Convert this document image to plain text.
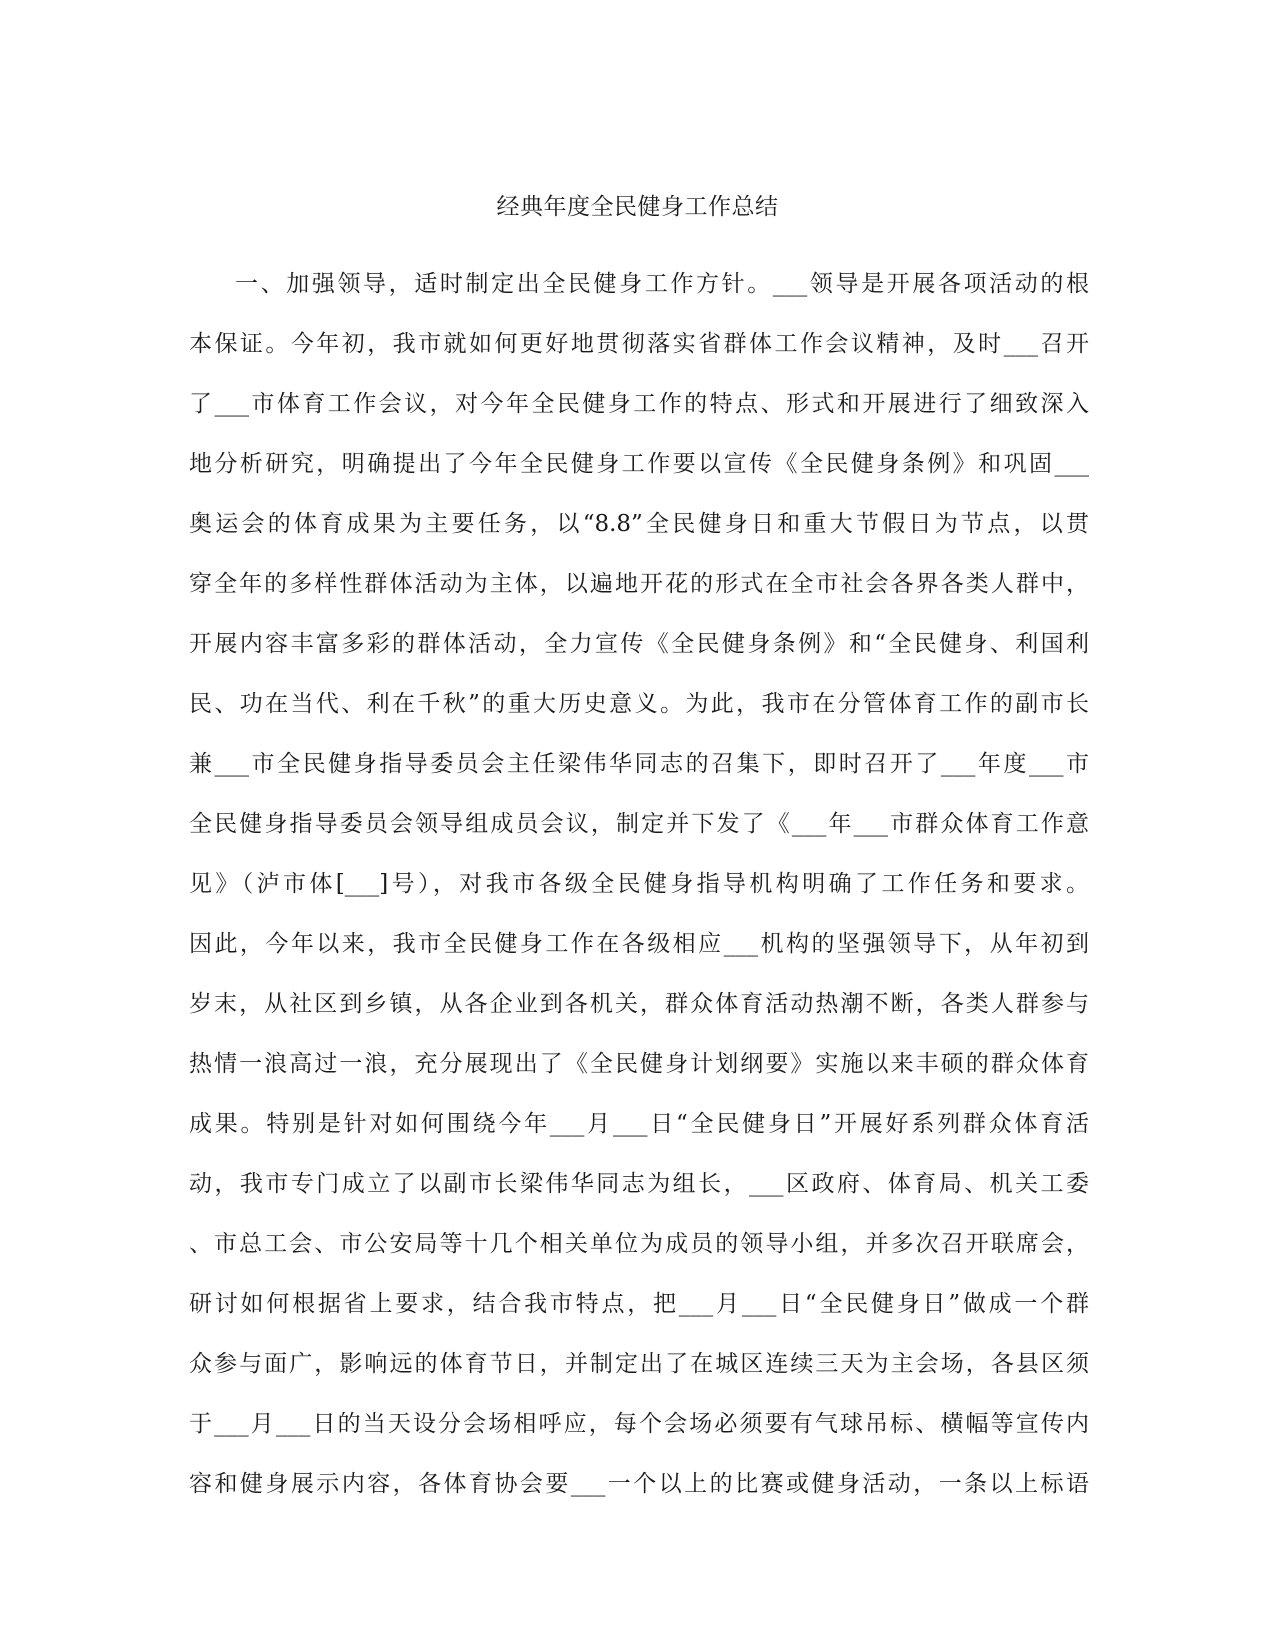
经典年度全民健身工作总结
一、加强领导，适时制定出全民健身工作方针。___领导是开展各项活动的根
本保证。今年初，我市就如何更好地贯彻落实省群体工作会议精神，及时___召开
了___市体育工作会议，对今年全民健身工作的特点、形式和开展进行了细致深入
地分析研究，明确提出了今年全民健身工作要以宣传《全民健身条例》和巩固___
奥运会的体育成果为主要任务，以“8.8”全民健身日和重大节假日为节点，以贯
穿全年的多样性群体活动为主体，以遍地开花的形式在全市社会各界各类人群中，
开展内容丰富多彩的群体活动，全力宣传《全民健身条例》和“全民健身、利国利
民、功在当代、利在千秋”的重大历史意义。为此，我市在分管体育工作的副市长
兼___市全民健身指导委员会主任梁伟华同志的召集下，即时召开了___年度___市
全民健身指导委员会领导组成员会议，制定并下发了《___年___市群众体育工作意
见》（泸市体[___]号），对我市各级全民健身指导机构明确了工作任务和要求。
因此，今年以来，我市全民健身工作在各级相应___机构的坚强领导下，从年初到
岁末，从社区到乡镇，从各企业到各机关，群众体育活动热潮不断，各类人群参与
热情一浪高过一浪，充分展现出了《全民健身计划纲要》实施以来丰硕的群众体育
成果。特别是针对如何围绕今年___月___日“全民健身日”开展好系列群众体育活
动，我市专门成立了以副市长梁伟华同志为组长，___区政府、体育局、机关工委
、市总工会、市公安局等十几个相关单位为成员的领导小组，并多次召开联席会，
研讨如何根据省上要求，结合我市特点，把___月___日“全民健身日”做成一个群
众参与面广，影响远的体育节日，并制定出了在城区连续三天为主会场，各县区须
于___月___日的当天设分会场相呼应，每个会场必须要有气球吊标、横幅等宣传内
容和健身展示内容，各体育协会要___一个以上的比赛或健身活动，一条以上标语
